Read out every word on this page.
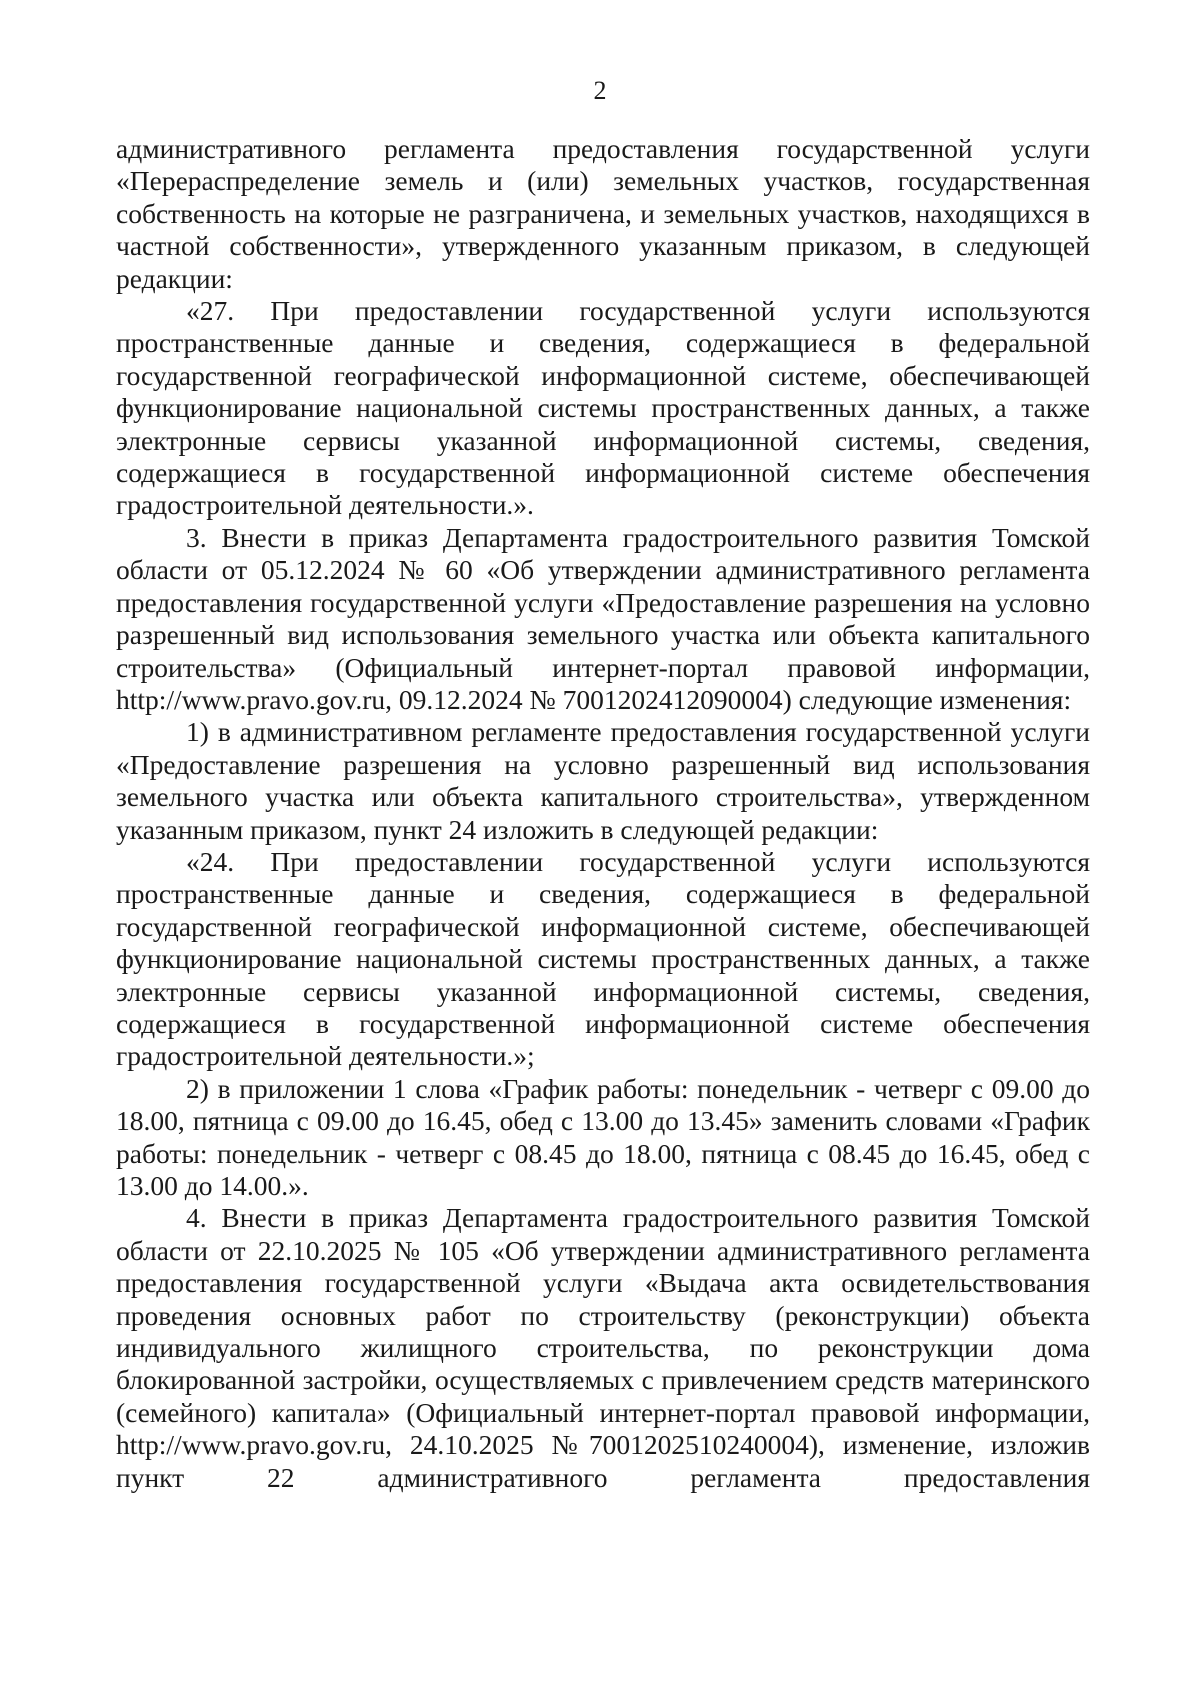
2

административного регламента предоставления государственной услуги «Перераспределение земель и (или) земельных участков, государственная собственность на которые не разграничена, и земельных участков, находящихся в частной собственности», утвержденного указанным приказом, в следующей редакции:

«27. При предоставлении государственной услуги используются пространственные данные и сведения, содержащиеся в федеральной государственной географической информационной системе, обеспечивающей функционирование национальной системы пространственных данных, а также электронные сервисы указанной информационной системы, сведения, содержащиеся в государственной информационной системе обеспечения градостроительной деятельности.».

3. Внести в приказ Департамента градостроительного развития Томской области от 05.12.2024 № 60 «Об утверждении административного регламента предоставления государственной услуги «Предоставление разрешения на условно разрешенный вид использования земельного участка или объекта капитального строительства» (Официальный интернет-портал правовой информации, http://www.pravo.gov.ru, 09.12.2024 № 7001202412090004) следующие изменения:

1) в административном регламенте предоставления государственной услуги «Предоставление разрешения на условно разрешенный вид использования земельного участка или объекта капитального строительства», утвержденном указанным приказом, пункт 24 изложить в следующей редакции:

«24. При предоставлении государственной услуги используются пространственные данные и сведения, содержащиеся в федеральной государственной географической информационной системе, обеспечивающей функционирование национальной системы пространственных данных, а также электронные сервисы указанной информационной системы, сведения, содержащиеся в государственной информационной системе обеспечения градостроительной деятельности.»;

2) в приложении 1 слова «График работы: понедельник - четверг с 09.00 до 18.00, пятница с 09.00 до 16.45, обед с 13.00 до 13.45» заменить словами «График работы: понедельник - четверг с 08.45 до 18.00, пятница с 08.45 до 16.45, обед с 13.00 до 14.00.».

4. Внести в приказ Департамента градостроительного развития Томской области от 22.10.2025 № 105 «Об утверждении административного регламента предоставления государственной услуги «Выдача акта освидетельствования проведения основных работ по строительству (реконструкции) объекта индивидуального жилищного строительства, по реконструкции дома блокированной застройки, осуществляемых с привлечением средств материнского (семейного) капитала» (Официальный интернет-портал правовой информации, http://www.pravo.gov.ru, 24.10.2025 №7001202510240004), изменение, изложив пункт 22 административного регламента предоставления
